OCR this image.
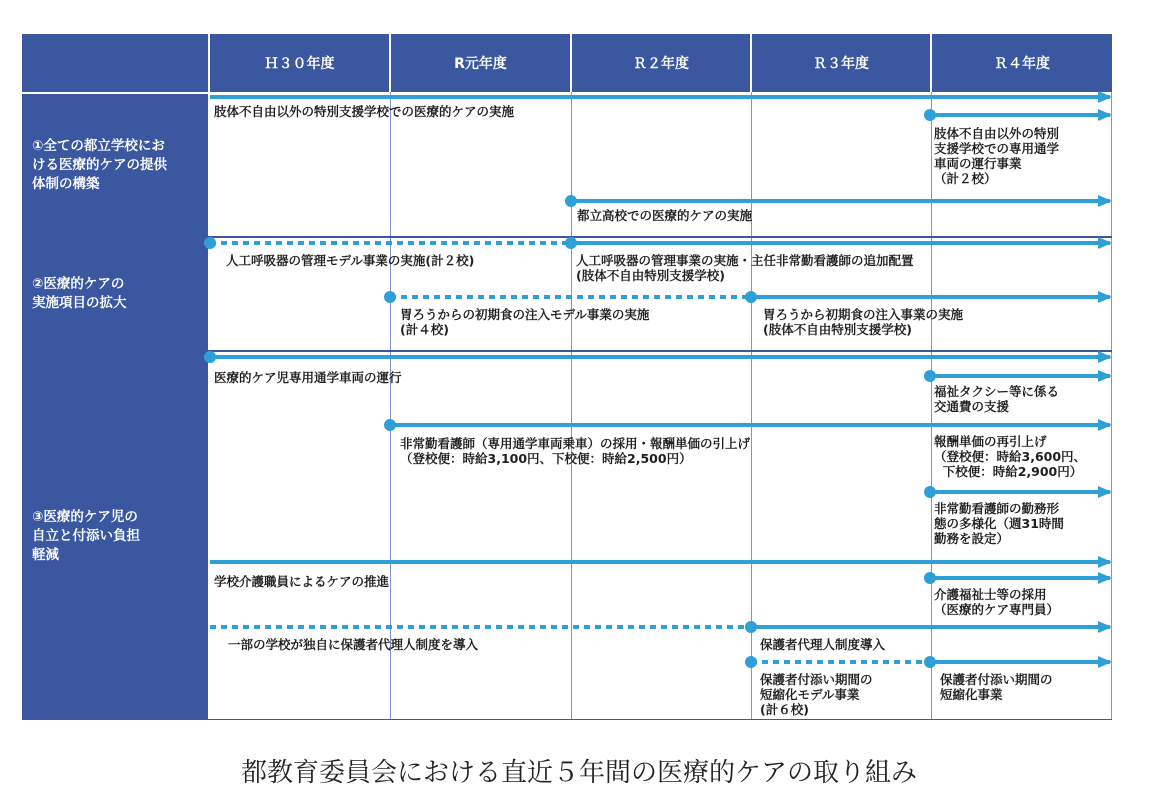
Ｈ３０年度	R元年度	Ｒ２年度	Ｒ３年度	Ｒ４年度
①全ての都立学校にお
ける医療的ケアの提供
体制の構築
②医療的ケアの
実施項目の拡大
③医療的ケア児の
自立と付添い負担
軽減
肢体不自由以外の特別支援学校での医療的ケアの実施
肢体不自由以外の特別
支援学校での専用通学
車両の運行事業
（計２校）
都立高校での医療的ケアの実施
人工呼吸器の管理モデル事業の実施(計２校)	人工呼吸器の管理事業の実施・主任非常勤看護師の追加配置
(肢体不自由特別支援学校)
胃ろうからの初期食の注入モデル事業の実施
(計４校)
胃ろうから初期食の注入事業の実施
(肢体不自由特別支援学校)
医療的ケア児専用通学車両の運行
福祉タクシー等に係る
交通費の支援
非常勤看護師（専用通学車両乗車）の採用・報酬単価の引上げ
（登校便：時給3,100円、下校便：時給2,500円）
報酬単価の再引上げ
（登校便：時給3,600円、
下校便：時給2,900円）
非常勤看護師の勤務形
態の多様化（週31時間
勤務を設定）
学校介護職員によるケアの推進
介護福祉士等の採用
（医療的ケア専門員）
一部の学校が独自に保護者代理人制度を導入	保護者代理人制度導入
保護者付添い期間の
短縮化モデル事業
(計６校)
保護者付添い期間の
短縮化事業
都教育委員会における直近５年間の医療的ケアの取り組み
